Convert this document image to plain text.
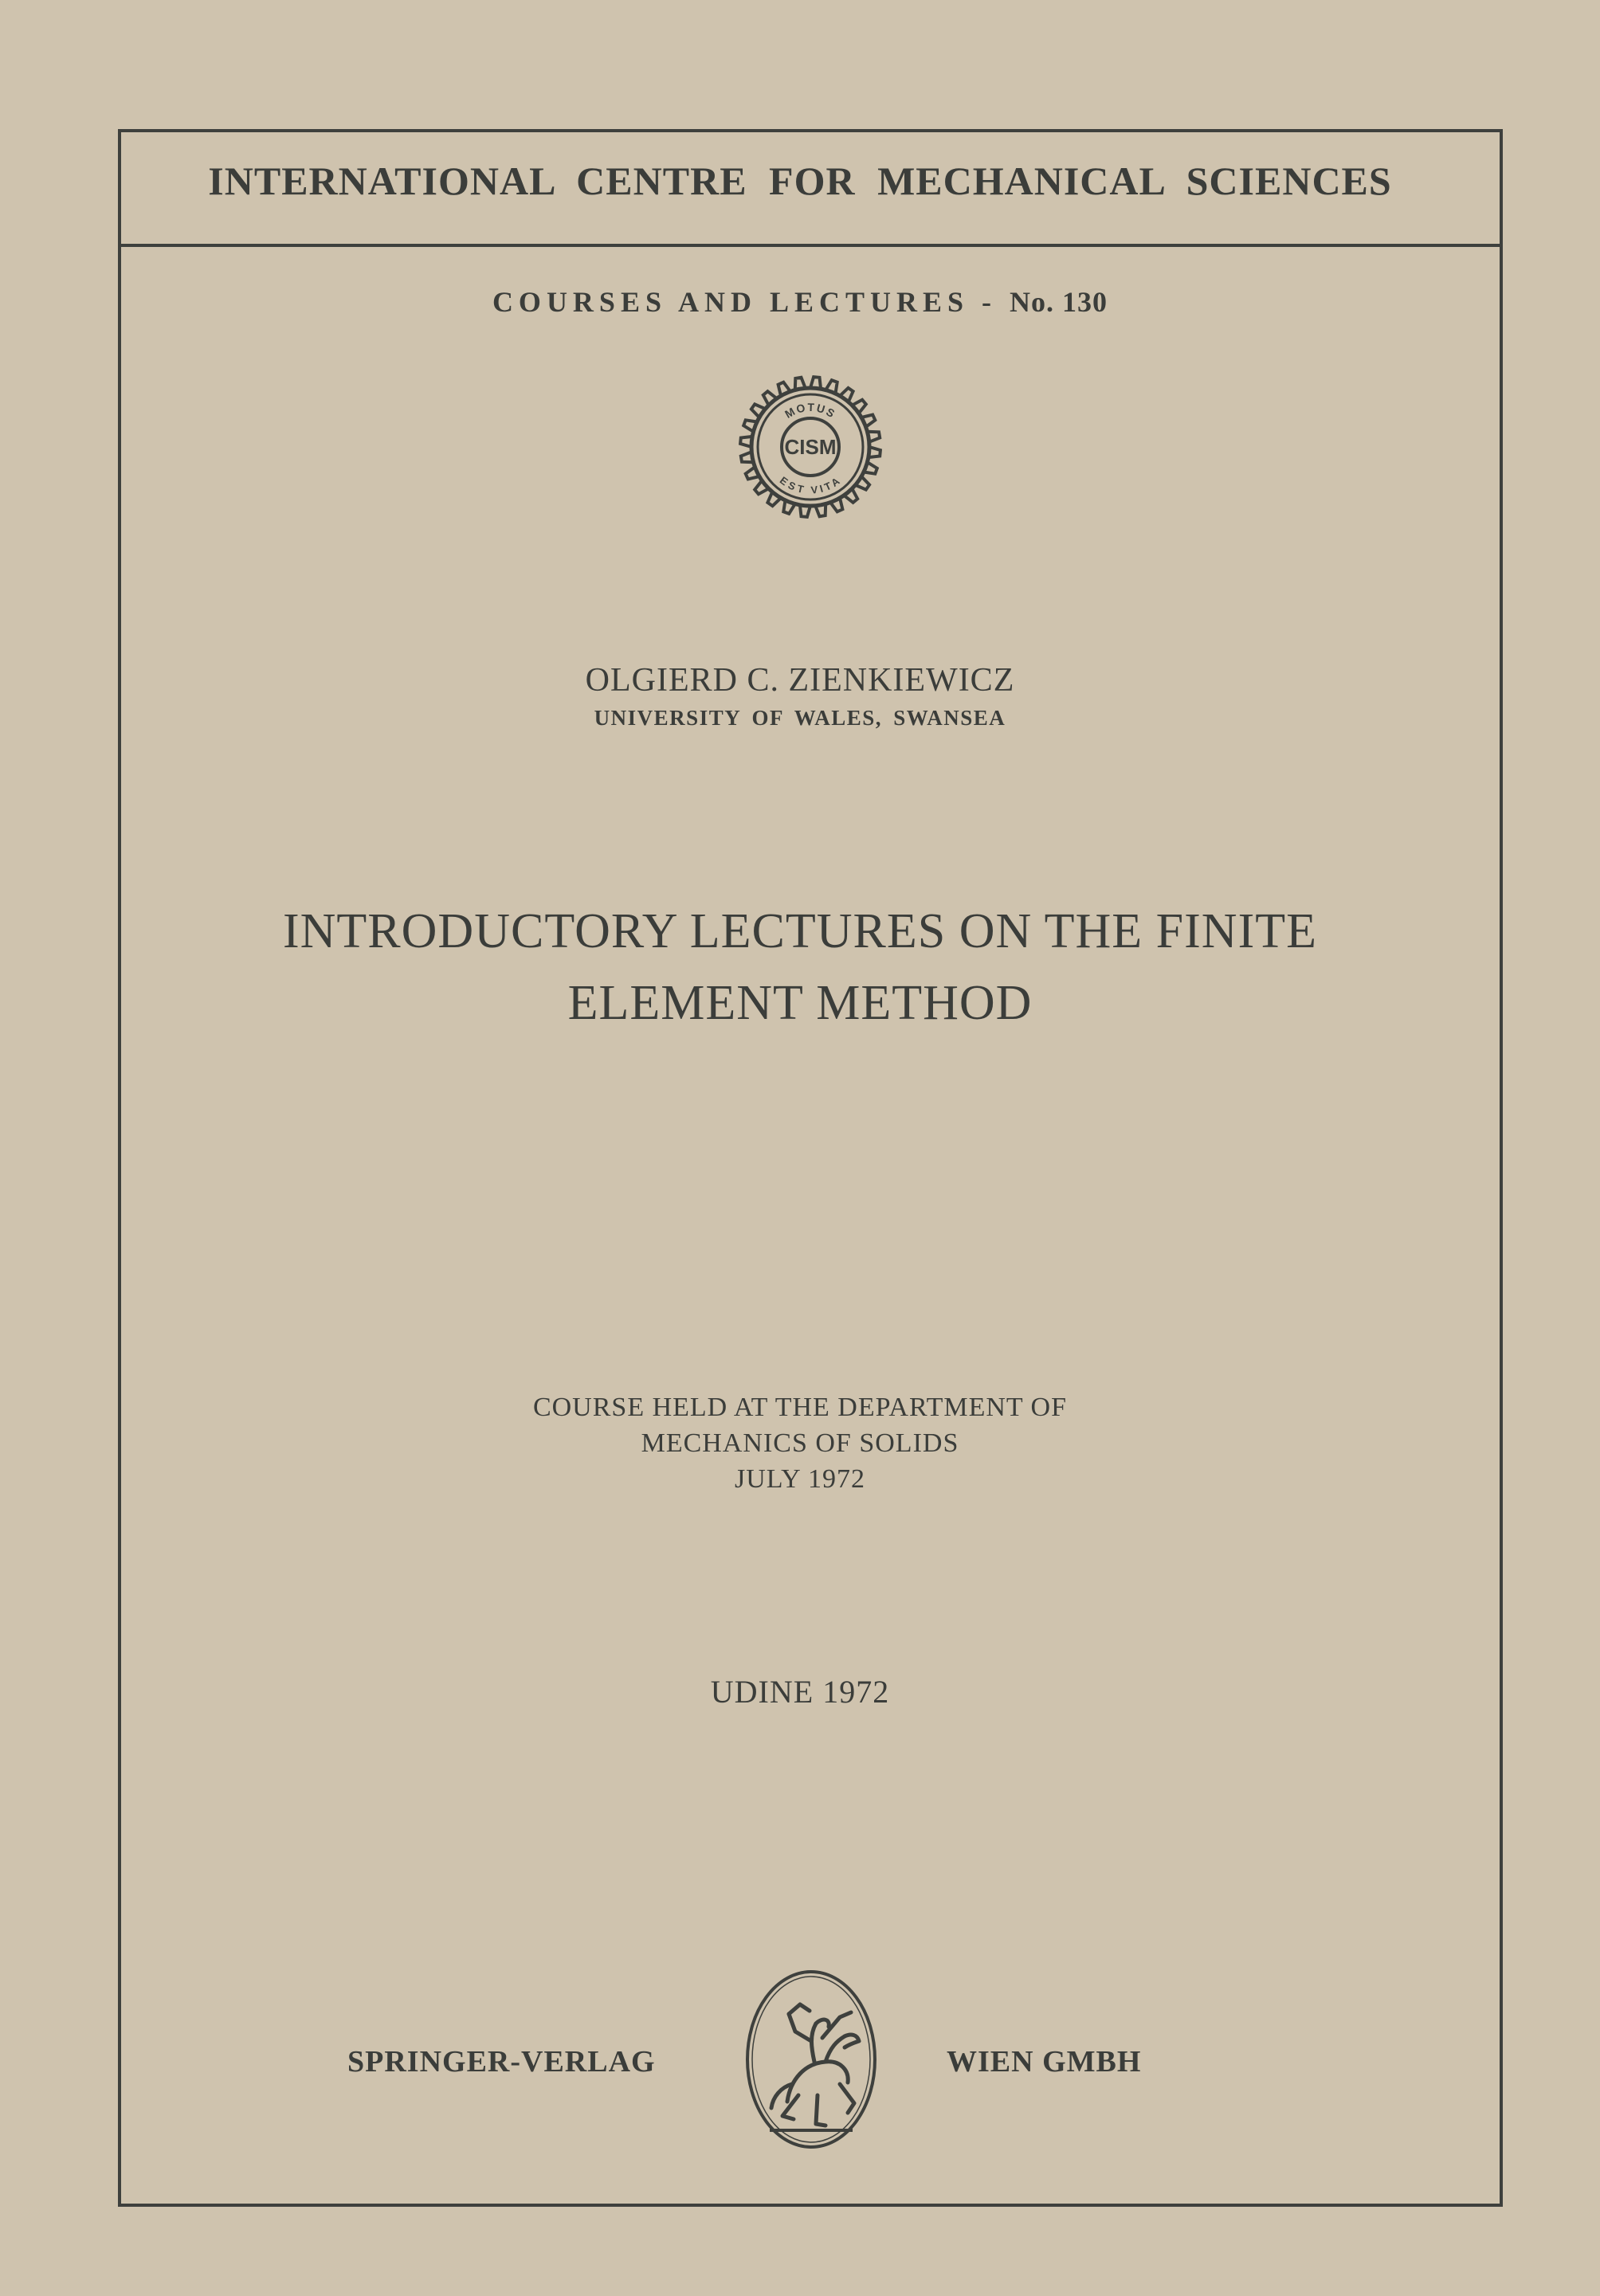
INTERNATIONAL CENTRE FOR MECHANICAL SCIENCES
COURSES AND LECTURES - No. 130
MOTUS
EST VITA
CISM
OLGIERD C. ZIENKIEWICZ
UNIVERSITY OF WALES, SWANSEA
INTRODUCTORY LECTURES ON THE FINITE
ELEMENT METHOD
COURSE HELD AT THE DEPARTMENT OF
MECHANICS OF SOLIDS
JULY 1972
UDINE 1972
SPRINGER-VERLAG	WIEN GMBH
